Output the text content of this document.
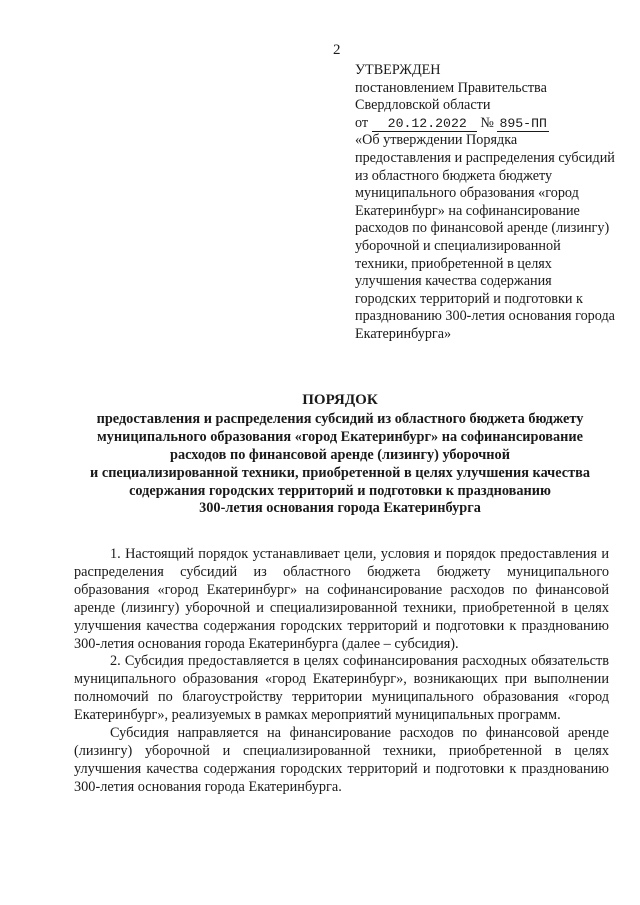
2
УТВЕРЖДЕН
постановлением Правительства
Свердловской области
от 20.12.2022 № 895-ПП
«Об утверждении Порядка предоставления и распределения субсидий из областного бюджета бюджету муниципального образования «город Екатеринбург» на софинансирование расходов по финансовой аренде (лизингу) уборочной и специализированной техники, приобретенной в целях улучшения качества содержания городских территорий и подготовки к празднованию 300-летия основания города Екатеринбурга»
ПОРЯДОК
предоставления и распределения субсидий из областного бюджета бюджету
муниципального образования «город Екатеринбург» на софинансирование
расходов по финансовой аренде (лизингу) уборочной
и специализированной техники, приобретенной в целях улучшения качества
содержания городских территорий и подготовки к празднованию
300-летия основания города Екатеринбурга

1. Настоящий порядок устанавливает цели, условия и порядок предоставления и распределения субсидий из областного бюджета бюджету муниципального образования «город Екатеринбург» на софинансирование расходов по финансовой аренде (лизингу) уборочной и специализированной техники, приобретенной в целях улучшения качества содержания городских территорий и подготовки к празднованию 300-летия основания города Екатеринбурга (далее – субсидия).

2. Субсидия предоставляется в целях софинансирования расходных обязательств муниципального образования «город Екатеринбург», возникающих при выполнении полномочий по благоустройству территории муниципального образования «город Екатеринбург», реализуемых в рамках мероприятий муниципальных программ.

Субсидия направляется на финансирование расходов по финансовой аренде (лизингу) уборочной и специализированной техники, приобретенной в целях улучшения качества содержания городских территорий и подготовки к празднованию 300-летия основания города Екатеринбурга.
